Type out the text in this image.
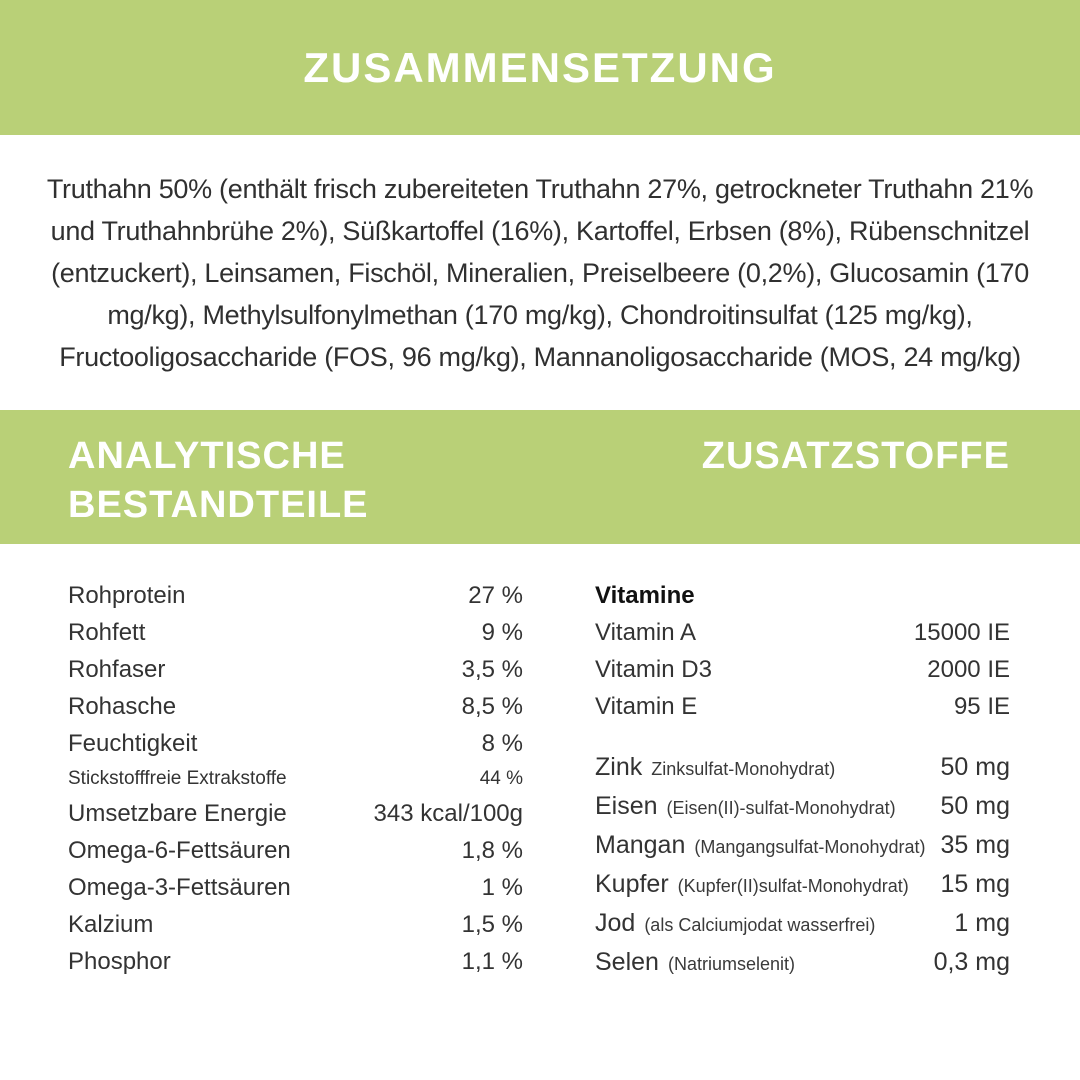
ZUSAMMENSETZUNG

Truthahn 50% (enthält frisch zubereiteten Truthahn 27%, getrockneter Truthahn 21% und Truthahnbrühe 2%), Süßkartoffel (16%), Kartoffel, Erbsen (8%), Rübenschnitzel (entzuckert), Leinsamen, Fischöl, Mineralien, Preiselbeere (0,2%), Glucosamin (170 mg/kg), Methylsulfonylmethan (170 mg/kg), Chondroitinsulfat (125 mg/kg), Fructooligosaccharide (FOS, 96 mg/kg), Mannanoligosaccharide (MOS, 24 mg/kg)

ANALYTISCHE BESTANDTEILE
ZUSATZSTOFFE
Rohprotein	27 %
Rohfett	9 %
Rohfaser	3,5 %
Rohasche	8,5 %
Feuchtigkeit	8 %
Stickstofffreie Extrakstoffe	44 %
Umsetzbare Energie	343 kcal/100g
Omega-6-Fettsäuren	1,8 %
Omega-3-Fettsäuren	1 %
Kalzium	1,5 %
Phosphor	1,1 %
Vitamine
Vitamin A	15000 IE
Vitamin D3	2000 IE
Vitamin E	95 IE
Zink Zinksulfat-Monohydrat)	50 mg
Eisen (Eisen(II)-sulfat-Monohydrat) 50 mg
Mangan (Mangangsulfat-Monohydrat) 35 mg
Kupfer (Kupfer(II)sulfat-Monohydrat) 15 mg
Jod (als Calciumjodat wasserfrei)	1 mg
Selen (Natriumselenit)	0,3 mg
